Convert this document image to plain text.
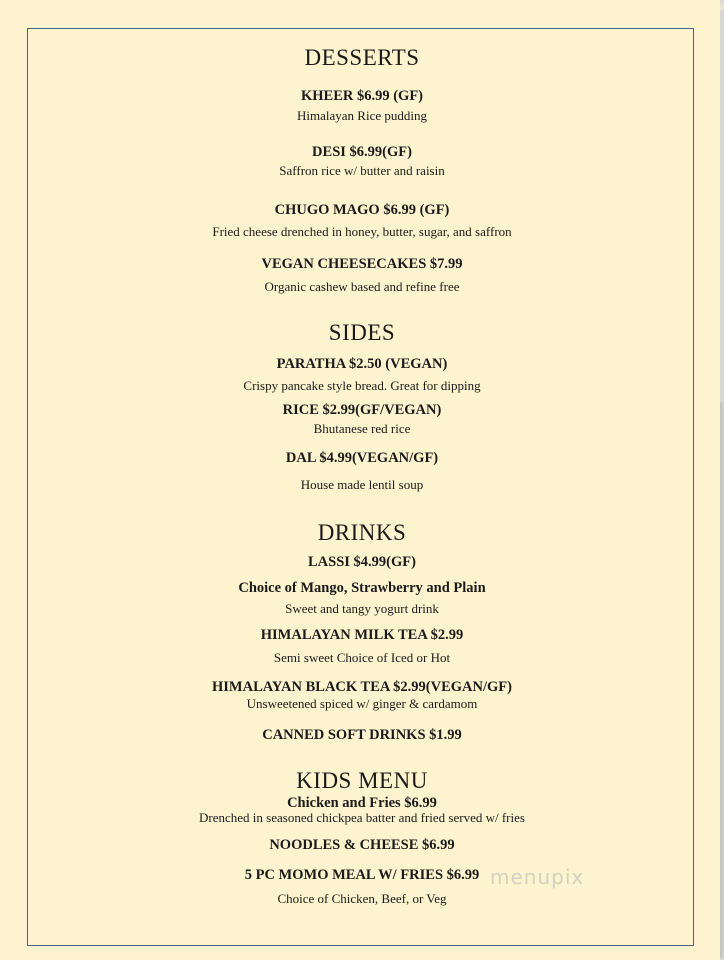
DESSERTS
KHEER $6.99 (GF)
Himalayan Rice pudding
DESI $6.99(GF)
Saffron rice w/ butter and raisin
CHUGO MAGO $6.99 (GF)
Fried cheese drenched in honey, butter, sugar, and saffron
VEGAN CHEESECAKES $7.99
Organic cashew based and refine free
SIDES
PARATHA $2.50 (VEGAN)
Crispy pancake style bread. Great for dipping
RICE $2.99(GF/VEGAN)
Bhutanese red rice
DAL $4.99(VEGAN/GF)
House made lentil soup
DRINKS
LASSI $4.99(GF)
Choice of Mango, Strawberry and Plain
Sweet and tangy yogurt drink
HIMALAYAN MILK TEA $2.99
Semi sweet Choice of Iced or Hot
HIMALAYAN BLACK TEA $2.99(VEGAN/GF)
Unsweetened spiced w/ ginger & cardamom
CANNED SOFT DRINKS $1.99
KIDS MENU
Chicken and Fries $6.99
Drenched in seasoned chickpea batter and fried served w/ fries
NOODLES & CHEESE $6.99
5 PC MOMO MEAL W/ FRIES $6.99
Choice of Chicken, Beef, or Veg
menupix
